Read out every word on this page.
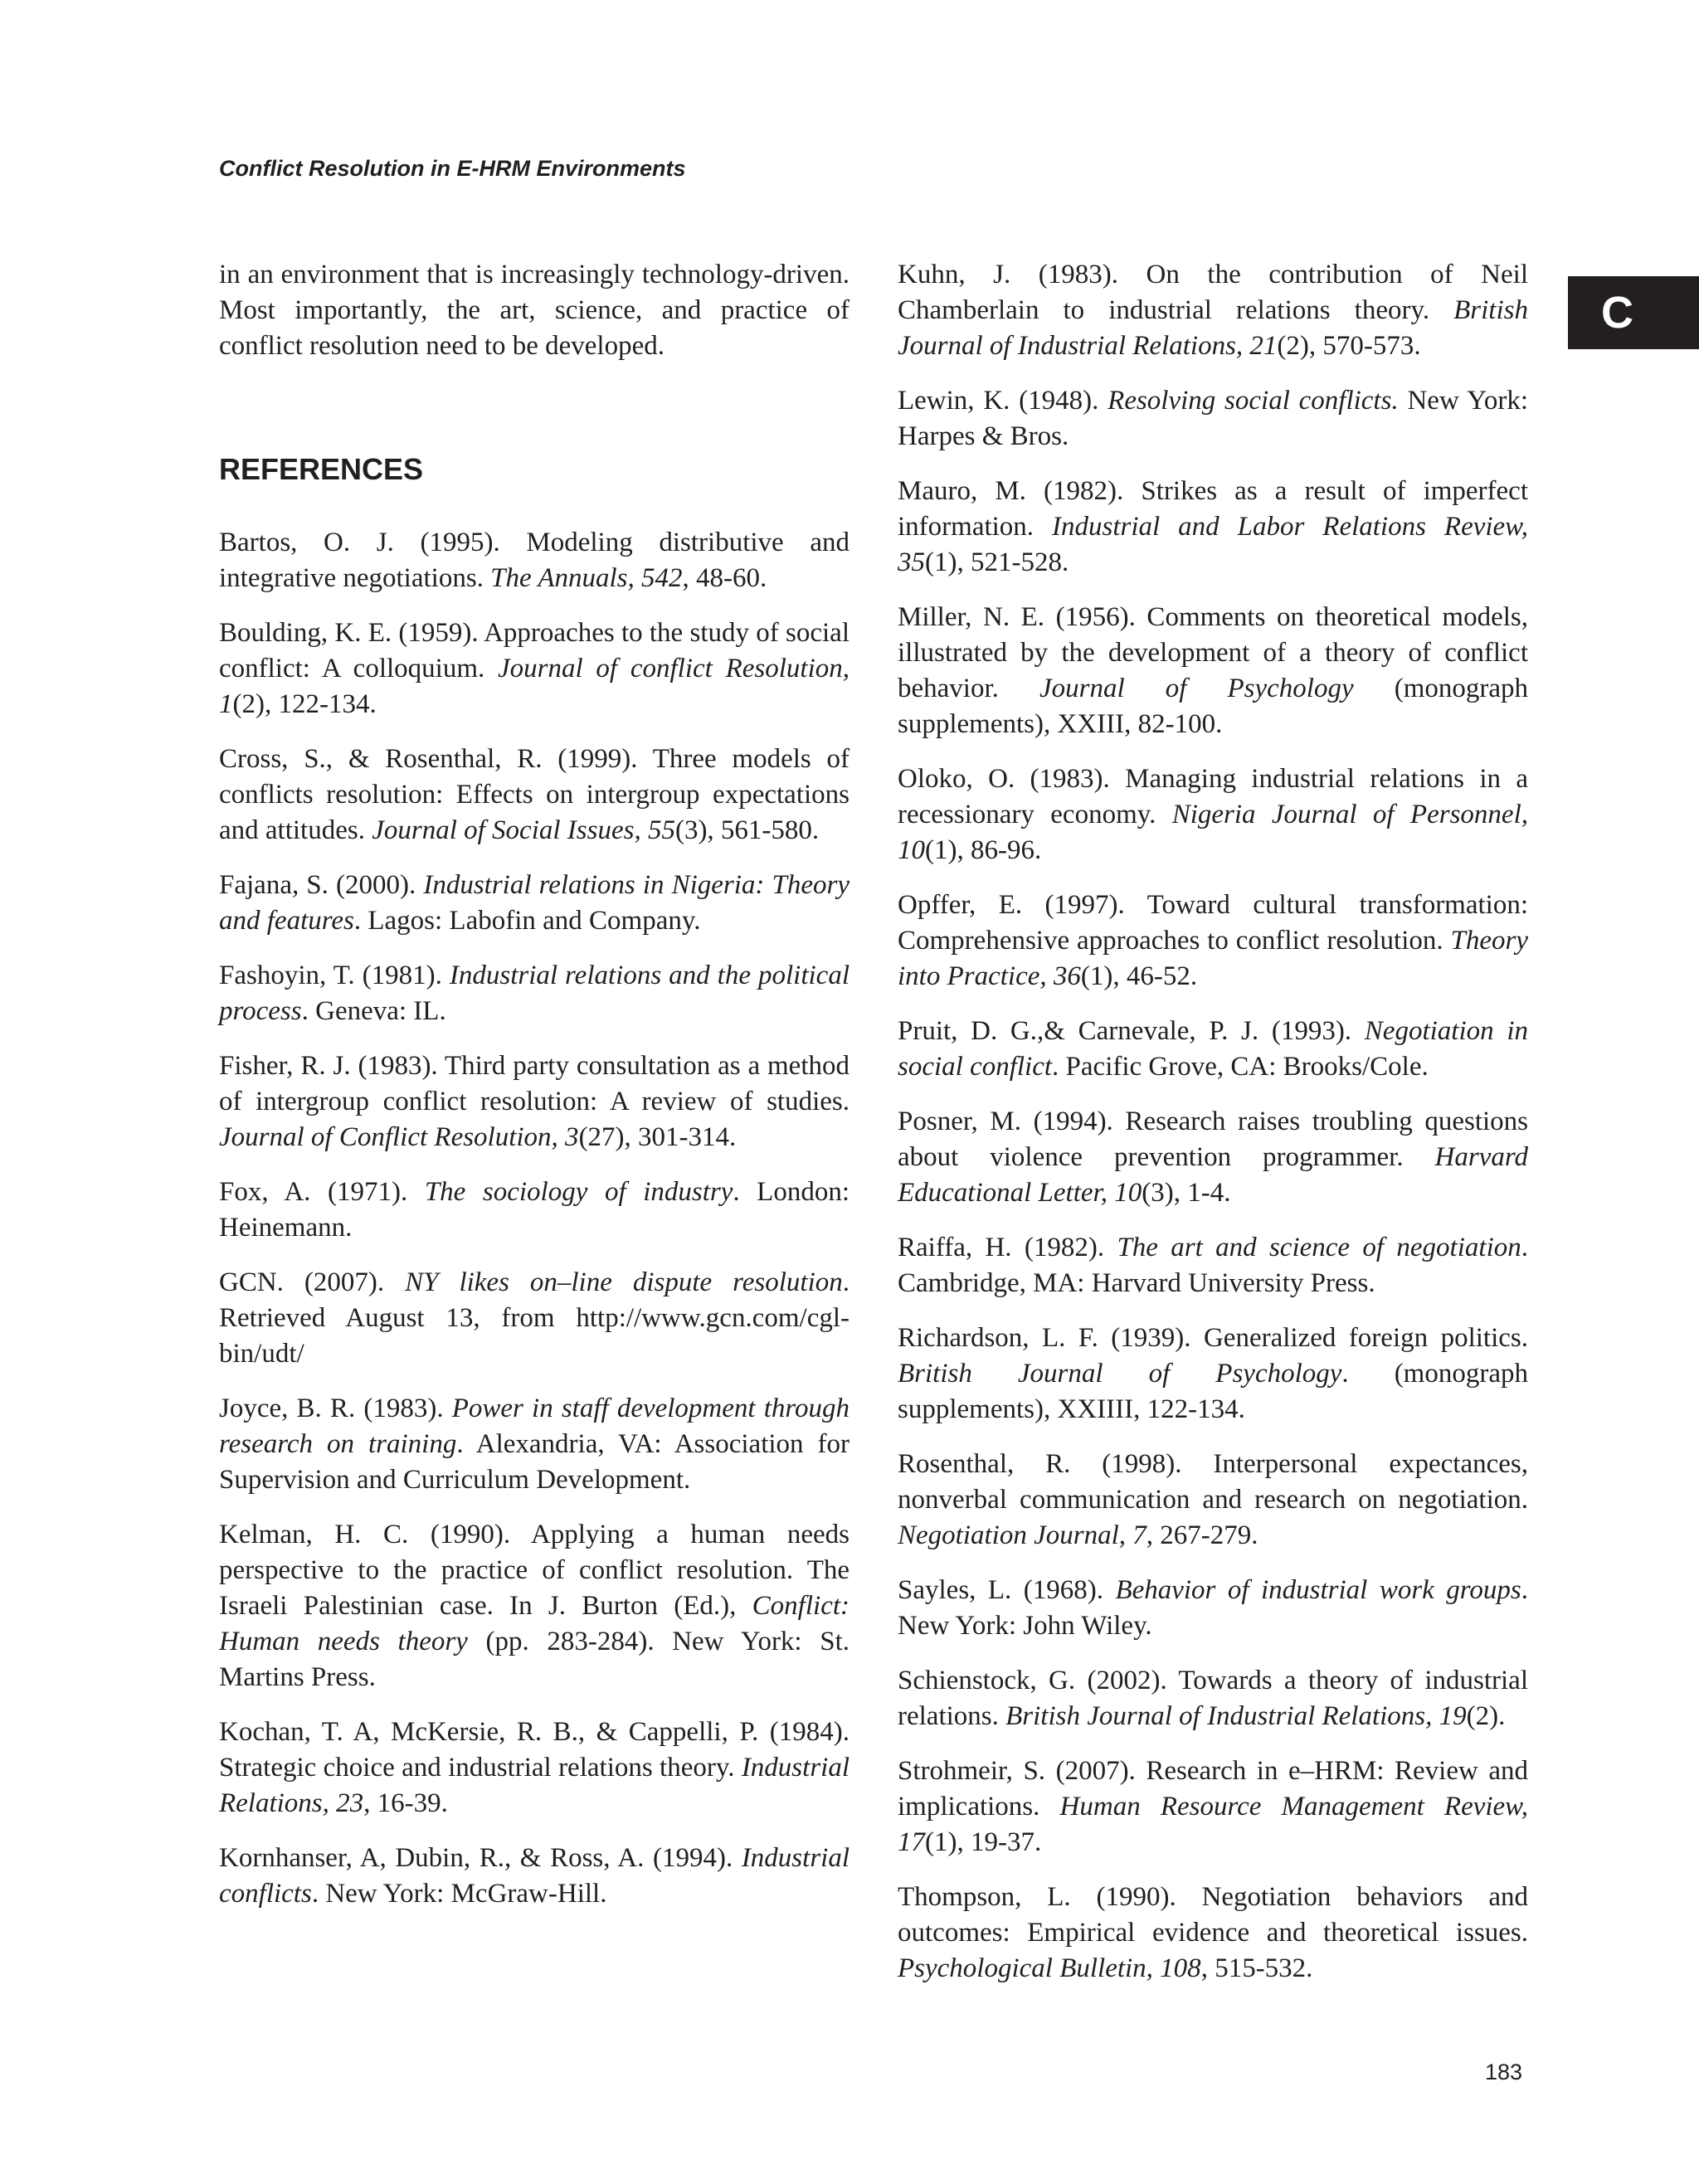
Conflict Resolution in E-HRM Environments
C

in an environment that is increasingly technology-driven. Most importantly, the art, science, and practice of conflict resolution need to be developed.

REFERENCES

Bartos, O. J. (1995). Modeling distributive and integrative negotiations. The Annuals, 542, 48-60.

Boulding, K. E. (1959). Approaches to the study of social conflict: A colloquium. Journal of conflict Resolution, 1(2), 122-134.

Cross, S., & Rosenthal, R. (1999). Three models of conflicts resolution: Effects on intergroup expectations and attitudes. Journal of Social Issues, 55(3), 561-580.

Fajana, S. (2000). Industrial relations in Nigeria: Theory and features. Lagos: Labofin and Company.

Fashoyin, T. (1981). Industrial relations and the political process. Geneva: IL.

Fisher, R. J. (1983). Third party consultation as a method of intergroup conflict resolution: A review of studies. Journal of Conflict Resolution, 3(27), 301-314.

Fox, A. (1971). The sociology of industry. London: Heinemann.

GCN. (2007). NY likes on–line dispute resolution. Retrieved August 13, from http://www.gcn.com/cgl-bin/udt/

Joyce, B. R. (1983). Power in staff development through research on training. Alexandria, VA: Association for Supervision and Curriculum Development.

Kelman, H. C. (1990). Applying a human needs perspective to the practice of conflict resolution. The Israeli Palestinian case. In J. Burton (Ed.), Conflict: Human needs theory (pp. 283-284). New York: St. Martins Press.

Kochan, T. A, McKersie, R. B., & Cappelli, P. (1984). Strategic choice and industrial relations theory. Industrial Relations, 23, 16-39.

Kornhanser, A, Dubin, R., & Ross, A. (1994). Industrial conflicts. New York: McGraw-Hill.

Kuhn, J. (1983). On the contribution of Neil Chamberlain to industrial relations theory. British Journal of Industrial Relations, 21(2), 570-573.

Lewin, K. (1948). Resolving social conflicts. New York: Harpes & Bros.

Mauro, M. (1982). Strikes as a result of imperfect information. Industrial and Labor Relations Review, 35(1), 521-528.

Miller, N. E. (1956). Comments on theoretical models, illustrated by the development of a theory of conflict behavior. Journal of Psychology (monograph supplements), XXIII, 82-100.

Oloko, O. (1983). Managing industrial relations in a recessionary economy. Nigeria Journal of Personnel, 10(1), 86-96.

Opffer, E. (1997). Toward cultural transformation: Comprehensive approaches to conflict resolution. Theory into Practice, 36(1), 46-52.

Pruit, D. G.,& Carnevale, P. J. (1993). Negotiation in social conflict. Pacific Grove, CA: Brooks/Cole.

Posner, M. (1994). Research raises troubling questions about violence prevention programmer. Harvard Educational Letter, 10(3), 1-4.

Raiffa, H. (1982). The art and science of negotiation. Cambridge, MA: Harvard University Press.

Richardson, L. F. (1939). Generalized foreign politics. British Journal of Psychology. (monograph supplements), XXIIII, 122-134.

Rosenthal, R. (1998). Interpersonal expectances, nonverbal communication and research on negotiation. Negotiation Journal, 7, 267-279.

Sayles, L. (1968). Behavior of industrial work groups. New York: John Wiley.

Schienstock, G. (2002). Towards a theory of industrial relations. British Journal of Industrial Relations, 19(2).

Strohmeir, S. (2007). Research in e–HRM: Review and implications. Human Resource Management Review, 17(1), 19-37.

Thompson, L. (1990). Negotiation behaviors and outcomes: Empirical evidence and theoretical issues. Psychological Bulletin, 108, 515-532.

183
